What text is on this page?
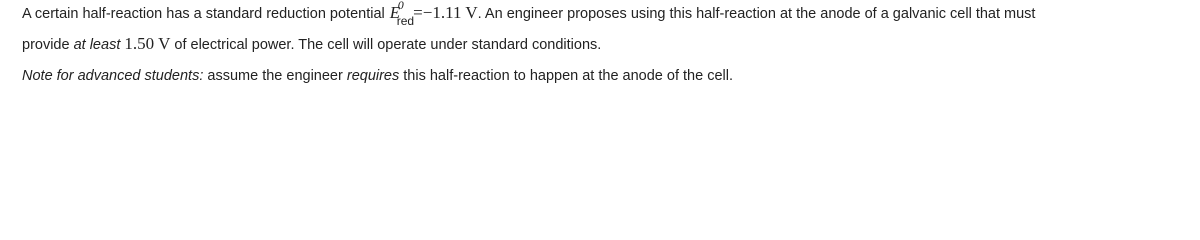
A certain half-reaction has a standard reduction potential E
0
red =−1.11 V. An engineer proposes using this half-reaction at the anode of a galvanic cell that must
provide at least 1.50 V of electrical power. The cell will operate under standard conditions.
Note for advanced students: assume the engineer requires this half-reaction to happen at the anode of the cell.
